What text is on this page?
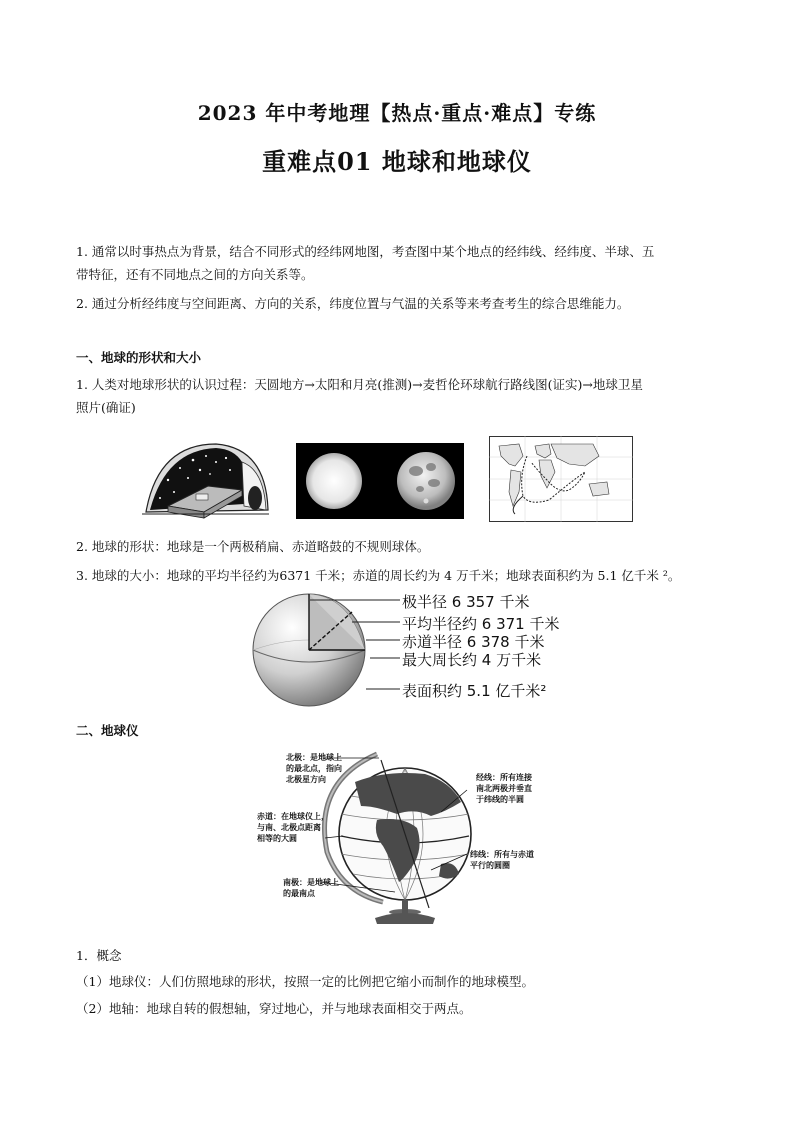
2023 年中考地理【热点·重点·难点】专练
重难点01 地球和地球仪
1. 通常以时事热点为背景，结合不同形式的经纬网地图，考查图中某个地点的经纬线、经纬度、半球、五
带特征，还有不同地点之间的方向关系等。
2. 通过分析经纬度与空间距离、方向的关系，纬度位置与气温的关系等来考查考生的综合思维能力。
一、地球的形状和大小
1. 人类对地球形状的认识过程：天圆地方→太阳和月亮(推测)→麦哲伦环球航行路线图(证实)→地球卫星
照片(确证)
2. 地球的形状：地球是一个两极稍扁、赤道略鼓的不规则球体。
3. 地球的大小：地球的平均半径约为6371 千米；赤道的周长约为 4 万千米；地球表面积约为 5.1 亿千米 ²。
极半径 6 357 千米
平均半径约 6 371 千米
赤道半径 6 378 千米
最大周长约 4 万千米
表面积约 5.1 亿千米²
二、地球仪
北极：是地球上
的最北点，指向
北极星方向
赤道：在地球仪上，
与南、北极点距离
相等的大圆
南极：是地球上
的最南点
经线：所有连接
南北两极并垂直
于纬线的半圆
纬线：所有与赤道
平行的圆圈
1．概念
（1）地球仪：人们仿照地球的形状，按照一定的比例把它缩小而制作的地球模型。
（2）地轴：地球自转的假想轴，穿过地心，并与地球表面相交于两点。
